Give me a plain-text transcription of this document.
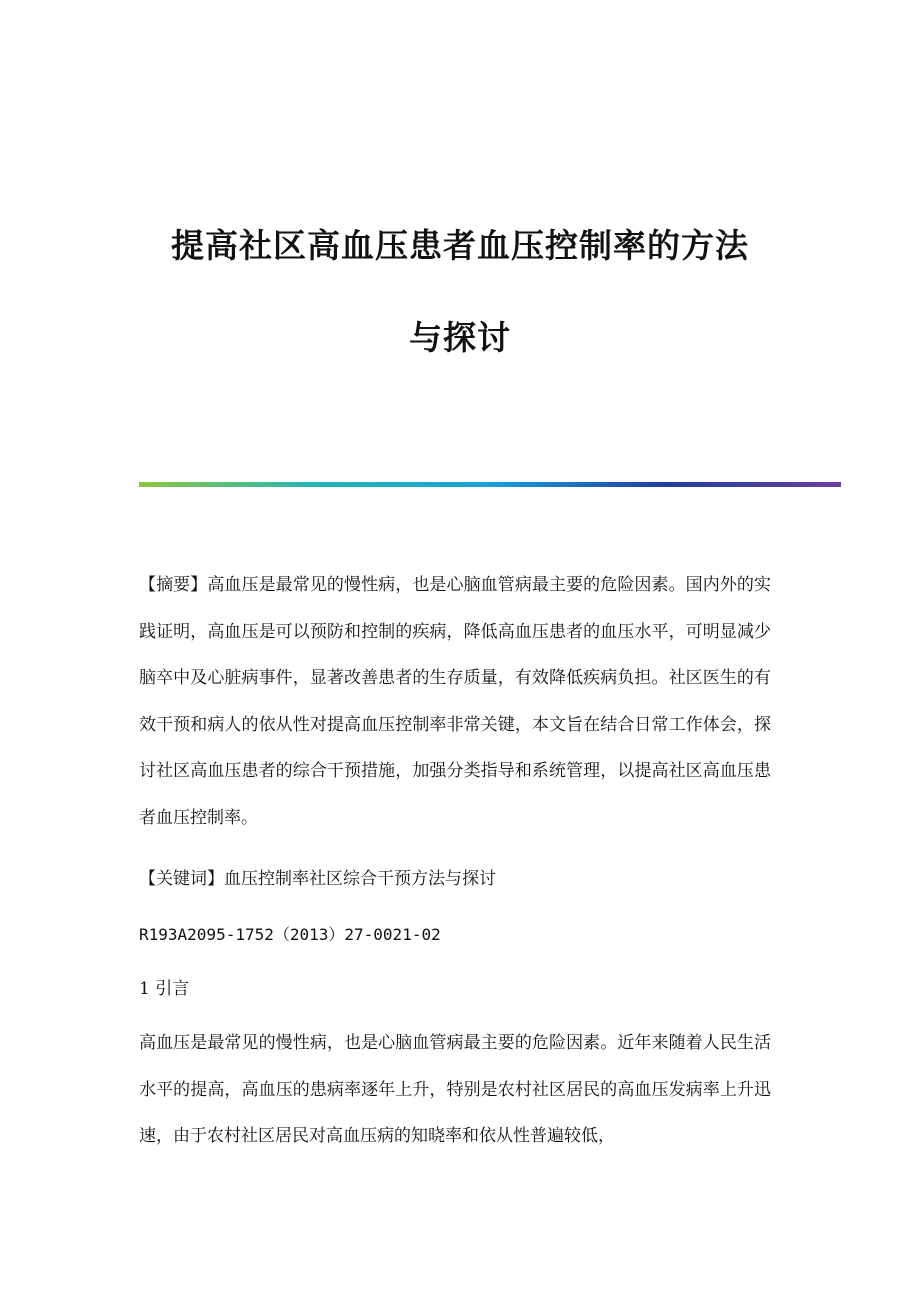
提高社区高血压患者血压控制率的方法
与探讨

【摘要】高血压是最常见的慢性病，也是心脑血管病最主要的危险因素。国内外的实践证明，高血压是可以预防和控制的疾病，降低高血压患者的血压水平，可明显减少脑卒中及心脏病事件，显著改善患者的生存质量，有效降低疾病负担。社区医生的有效干预和病人的依从性对提高血压控制率非常关键，本文旨在结合日常工作体会，探讨社区高血压患者的综合干预措施，加强分类指导和系统管理，以提高社区高血压患者血压控制率。

【关键词】血压控制率社区综合干预方法与探讨

R193A2095-1752（2013）27-0021-02

1 引言

高血压是最常见的慢性病，也是心脑血管病最主要的危险因素。近年来随着人民生活水平的提高，高血压的患病率逐年上升，特别是农村社区居民的高血压发病率上升迅速，由于农村社区居民对高血压病的知晓率和依从性普遍较低，
